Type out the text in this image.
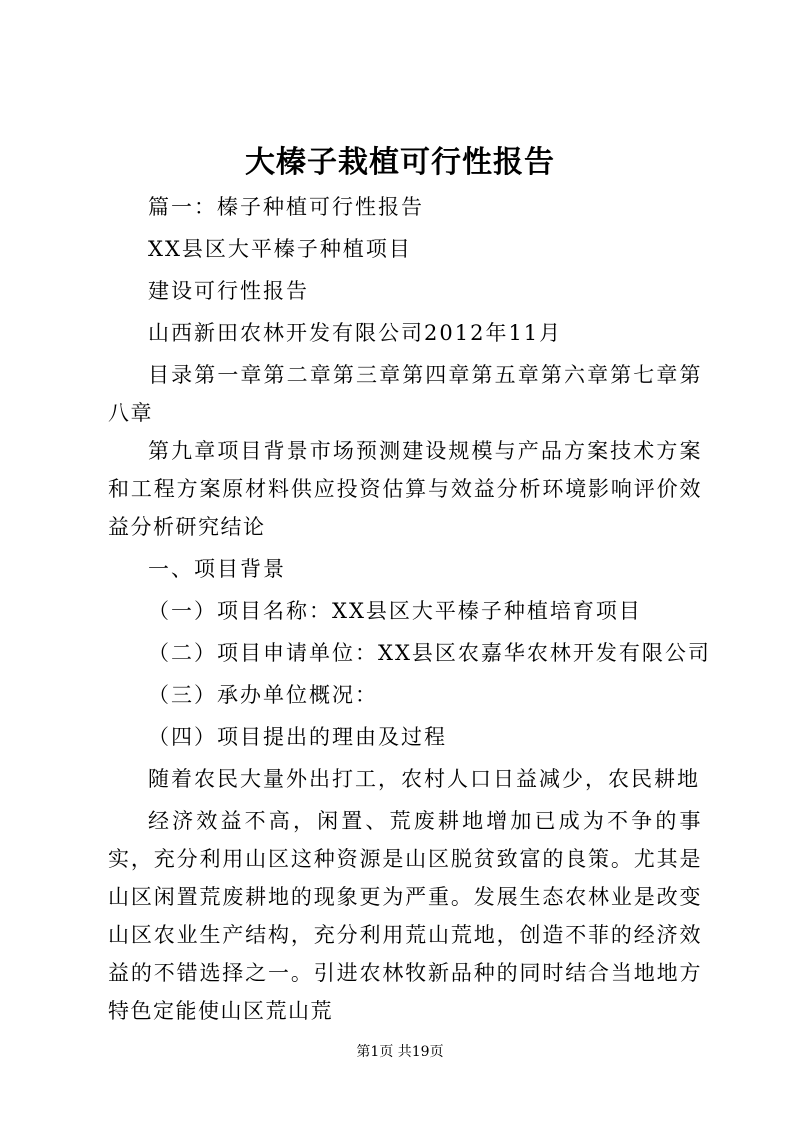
大榛子栽植可行性报告
篇一：榛子种植可行性报告
XX县区大平榛子种植项目
建设可行性报告
山西新田农林开发有限公司2012年11月
目录第一章第二章第三章第四章第五章第六章第七章第八章
第九章项目背景市场预测建设规模与产品方案技术方案和工程方案原材料供应投资估算与效益分析环境影响评价效益分析研究结论
一、项目背景
（一）项目名称：XX县区大平榛子种植培育项目
（二）项目申请单位：XX县区农嘉华农林开发有限公司
（三）承办单位概况：
（四）项目提出的理由及过程
随着农民大量外出打工，农村人口日益减少，农民耕地
经济效益不高，闲置、荒废耕地增加已成为不争的事实，充分利用山区这种资源是山区脱贫致富的良策。尤其是山区闲置荒废耕地的现象更为严重。发展生态农林业是改变山区农业生产结构，充分利用荒山荒地，创造不菲的经济效益的不错选择之一。引进农林牧新品种的同时结合当地地方特色定能使山区荒山荒
第1页 共19页
